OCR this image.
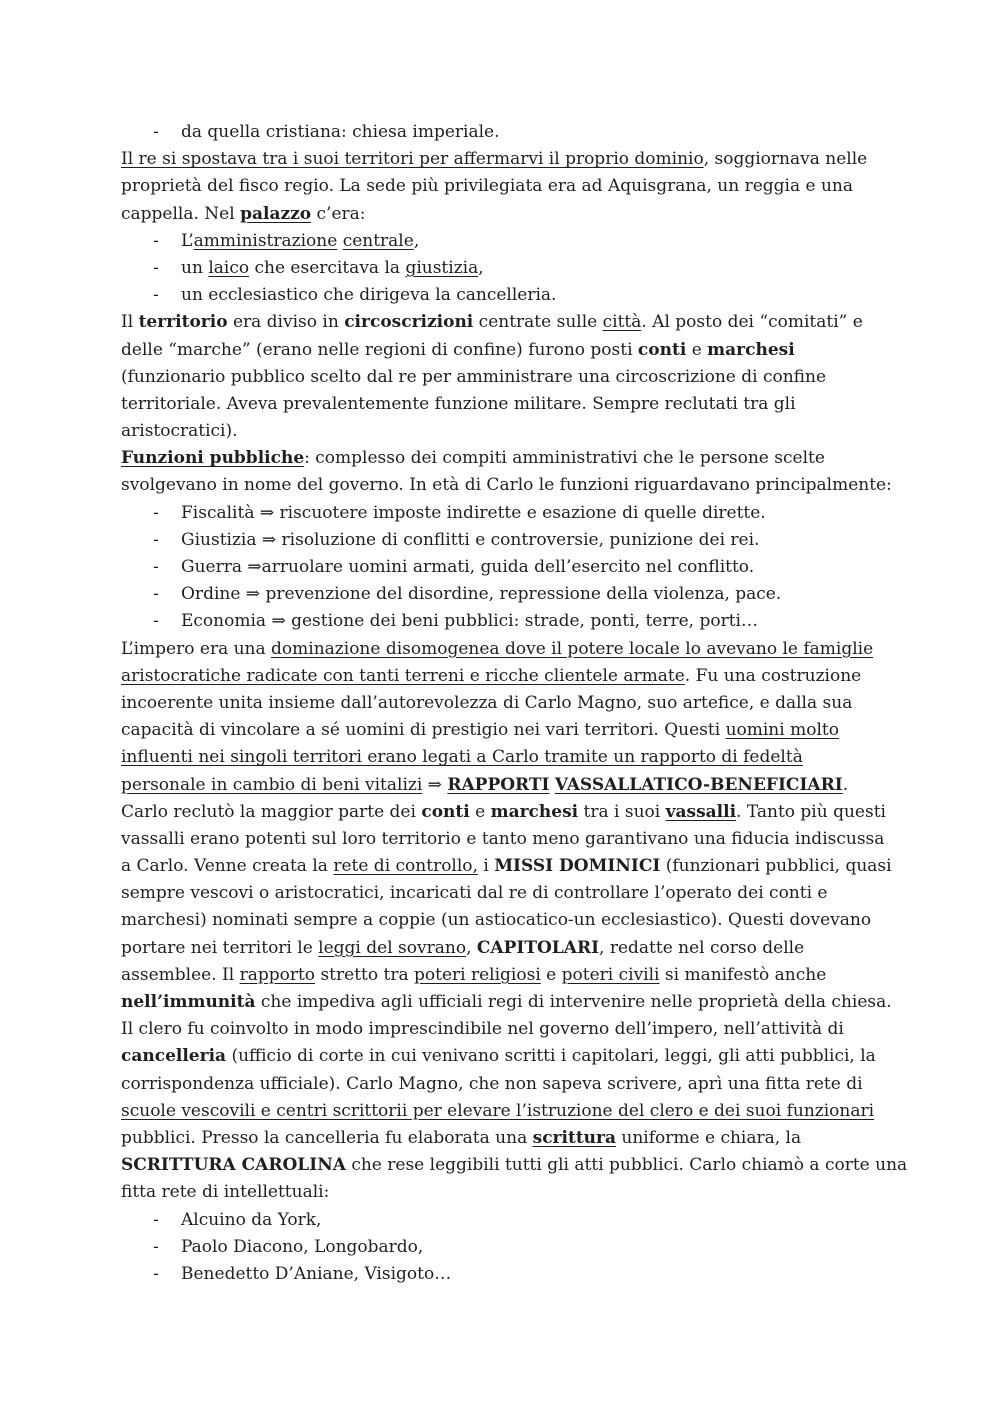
- da quella cristiana: chiesa imperiale.
Il re si spostava tra i suoi territori per affermarvi il proprio dominio, soggiornava nelle
proprietà del fisco regio. La sede più privilegiata era ad Aquisgrana, un reggia e una
cappella. Nel palazzo c’era:
- L’amministrazione centrale,
- un laico che esercitava la giustizia,
- un ecclesiastico che dirigeva la cancelleria.
Il territorio era diviso in circoscrizioni centrate sulle città. Al posto dei “comitati” e
delle “marche” (erano nelle regioni di confine) furono posti conti e marchesi
(funzionario pubblico scelto dal re per amministrare una circoscrizione di confine
territoriale. Aveva prevalentemente funzione militare. Sempre reclutati tra gli
aristocratici).
Funzioni pubbliche: complesso dei compiti amministrativi che le persone scelte
svolgevano in nome del governo. In età di Carlo le funzioni riguardavano principalmente:
- Fiscalità ⇒ riscuotere imposte indirette e esazione di quelle dirette.
- Giustizia ⇒ risoluzione di conflitti e controversie, punizione dei rei.
- Guerra ⇒arruolare uomini armati, guida dell’esercito nel conflitto.
- Ordine ⇒ prevenzione del disordine, repressione della violenza, pace.
- Economia ⇒ gestione dei beni pubblici: strade, ponti, terre, porti…
L’impero era una dominazione disomogenea dove il potere locale lo avevano le famiglie
aristocratiche radicate con tanti terreni e ricche clientele armate. Fu una costruzione
incoerente unita insieme dall’autorevolezza di Carlo Magno, suo artefice, e dalla sua
capacità di vincolare a sé uomini di prestigio nei vari territori. Questi uomini molto
influenti nei singoli territori erano legati a Carlo tramite un rapporto di fedeltà
personale in cambio di beni vitalizi ⇒ RAPPORTI VASSALLATICO-BENEFICIARI.
Carlo reclutò la maggior parte dei conti e marchesi tra i suoi vassalli. Tanto più questi
vassalli erano potenti sul loro territorio e tanto meno garantivano una fiducia indiscussa
a Carlo. Venne creata la rete di controllo, i MISSI DOMINICI (funzionari pubblici, quasi
sempre vescovi o aristocratici, incaricati dal re di controllare l’operato dei conti e
marchesi) nominati sempre a coppie (un astiocatico-un ecclesiastico). Questi dovevano
portare nei territori le leggi del sovrano, CAPITOLARI, redatte nel corso delle
assemblee. Il rapporto stretto tra poteri religiosi e poteri civili si manifestò anche
nell’immunità che impediva agli ufficiali regi di intervenire nelle proprietà della chiesa.
Il clero fu coinvolto in modo imprescindibile nel governo dell’impero, nell’attività di
cancelleria (ufficio di corte in cui venivano scritti i capitolari, leggi, gli atti pubblici, la
corrispondenza ufficiale). Carlo Magno, che non sapeva scrivere, aprì una fitta rete di
scuole vescovili e centri scrittorii per elevare l’istruzione del clero e dei suoi funzionari
pubblici. Presso la cancelleria fu elaborata una scrittura uniforme e chiara, la
SCRITTURA CAROLINA che rese leggibili tutti gli atti pubblici. Carlo chiamò a corte una
fitta rete di intellettuali:
- Alcuino da York,
- Paolo Diacono, Longobardo,
- Benedetto D’Aniane, Visigoto…
